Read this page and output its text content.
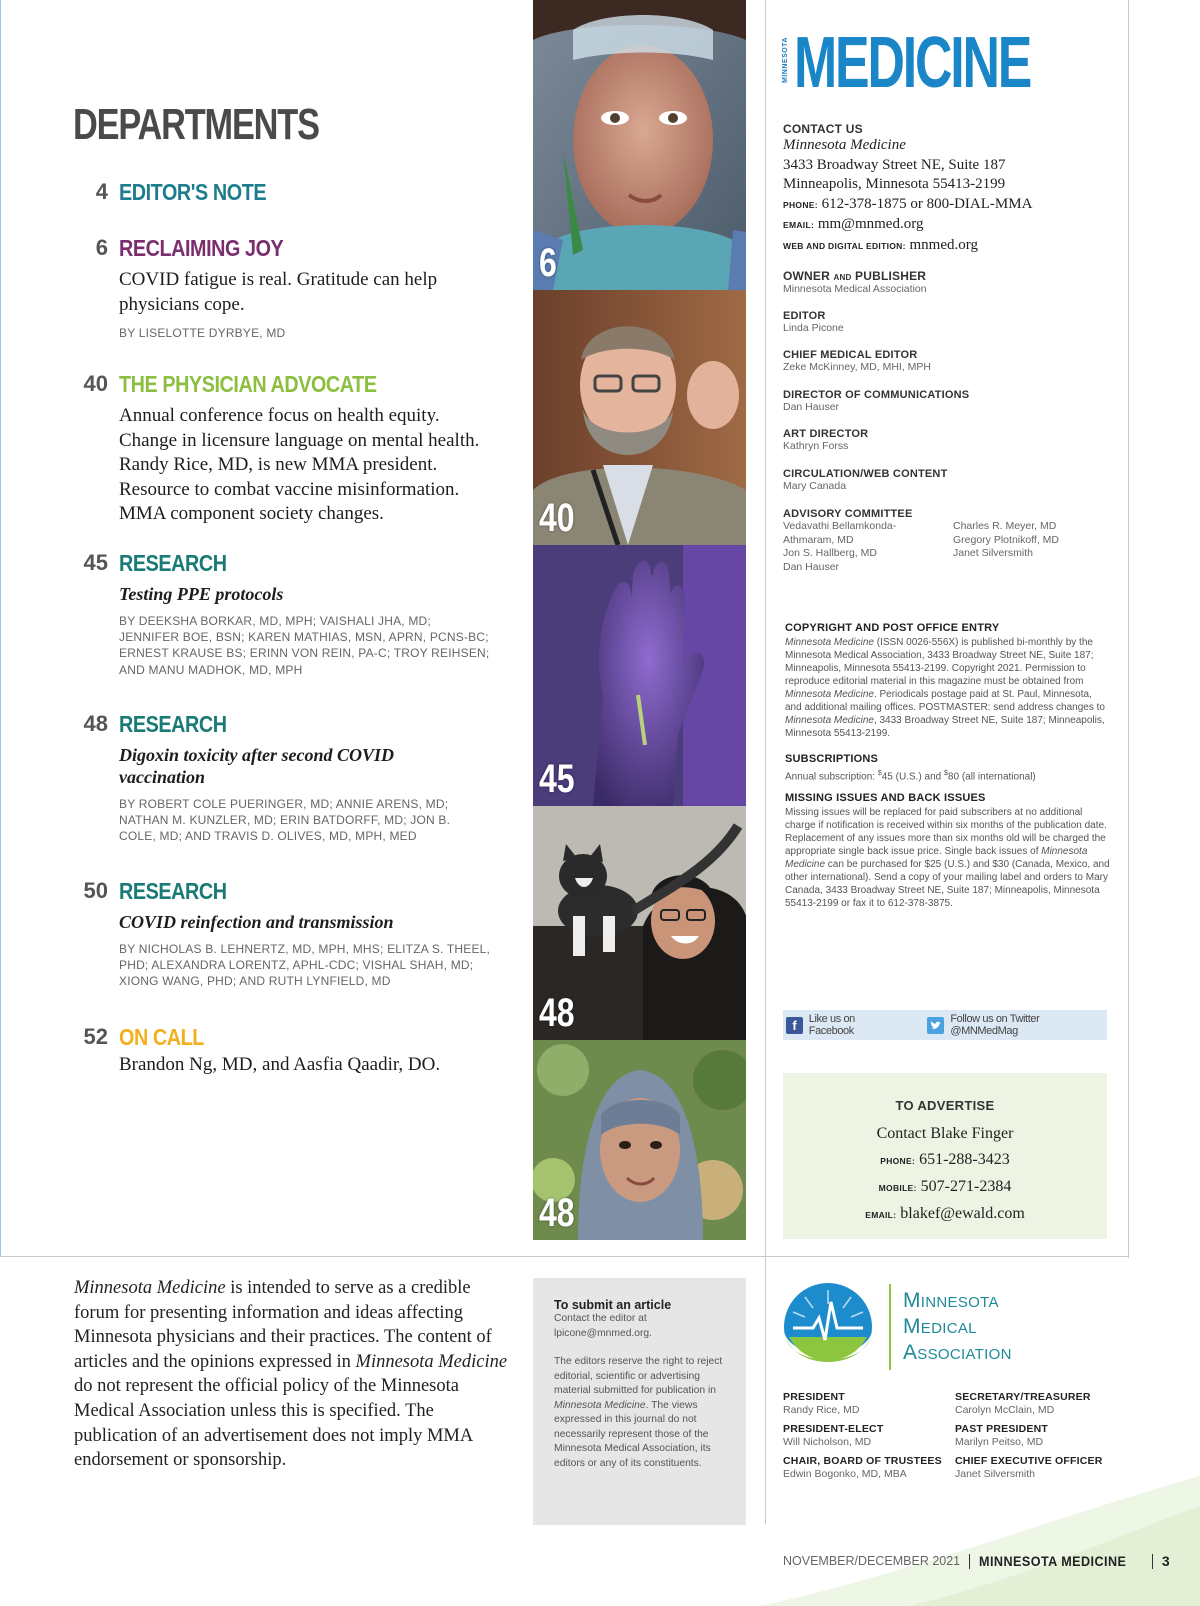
DEPARTMENTS
4 EDITOR'S NOTE
6 RECLAIMING JOY
COVID fatigue is real. Gratitude can help physicians cope.
BY LISELOTTE DYRBYE, MD
40 THE PHYSICIAN ADVOCATE
Annual conference focus on health equity.
Change in licensure language on mental health.
Randy Rice, MD, is new MMA president.
Resource to combat vaccine misinformation.
MMA component society changes.
45 RESEARCH
Testing PPE protocols
BY DEEKSHA BORKAR, MD, MPH; VAISHALI JHA, MD; JENNIFER BOE, BSN; KAREN MATHIAS, MSN, APRN, PCNS-BC; ERNEST KRAUSE BS; ERINN VON REIN, PA-C; TROY REIHSEN; AND MANU MADHOK, MD, MPH
48 RESEARCH
Digoxin toxicity after second COVID vaccination
BY ROBERT COLE PUERINGER, MD; ANNIE ARENS, MD; NATHAN M. KUNZLER, MD; ERIN BATDORFF, MD; JON B. COLE, MD; AND TRAVIS D. OLIVES, MD, MPH, MED
50 RESEARCH
COVID reinfection and transmission
BY NICHOLAS B. LEHNERTZ, MD, MPH, MHS; ELITZA S. THEEL, PHD; ALEXANDRA LORENTZ, APHL-CDC; VISHAL SHAH, MD; XIONG WANG, PHD; AND RUTH LYNFIELD, MD
52 ON CALL
Brandon Ng, MD, and Aasfia Qaadir, DO.
6
40
45
48
48
MINNESOTA MEDICINE
CONTACT US
Minnesota Medicine
3433 Broadway Street NE, Suite 187
Minneapolis, Minnesota 55413-2199
PHONE: 612-378-1875 or 800-DIAL-MMA
EMAIL: mm@mnmed.org
WEB AND DIGITAL EDITION: mnmed.org
OWNER AND PUBLISHER
Minnesota Medical Association
EDITOR
Linda Picone
CHIEF MEDICAL EDITOR
Zeke McKinney, MD, MHI, MPH
DIRECTOR OF COMMUNICATIONS
Dan Hauser
ART DIRECTOR
Kathryn Forss
CIRCULATION/WEB CONTENT
Mary Canada
ADVISORY COMMITTEE
Vedavathi Bellamkonda-Athmaram, MD
Jon S. Hallberg, MD
Dan Hauser
Charles R. Meyer, MD
Gregory Plotnikoff, MD
Janet Silversmith
COPYRIGHT AND POST OFFICE ENTRY
Minnesota Medicine (ISSN 0026-556X) is published bi-monthly by the Minnesota Medical Association, 3433 Broadway Street NE, Suite 187; Minneapolis, Minnesota 55413-2199. Copyright 2021. Permission to reproduce editorial material in this magazine must be obtained from Minnesota Medicine. Periodicals postage paid at St. Paul, Minnesota, and additional mailing offices. POSTMASTER: send address changes to Minnesota Medicine, 3433 Broadway Street NE, Suite 187; Minneapolis, Minnesota 55413-2199.
SUBSCRIPTIONS
Annual subscription: $45 (U.S.) and $80 (all international)
MISSING ISSUES AND BACK ISSUES
Missing issues will be replaced for paid subscribers at no additional charge if notification is received within six months of the publication date. Replacement of any issues more than six months old will be charged the appropriate single back issue price. Single back issues of Minnesota Medicine can be purchased for $25 (U.S.) and $30 (Canada, Mexico, and other international). Send a copy of your mailing label and orders to Mary Canada, 3433 Broadway Street NE, Suite 187; Minneapolis, Minnesota 55413-2199 or fax it to 612-378-3875.
f	Like us on Facebook
Follow us on Twitter @MNMedMag
TO ADVERTISE
Contact Blake Finger
PHONE: 651-288-3423
MOBILE: 507-271-2384
EMAIL: blakef@ewald.com
Minnesota Medicine is intended to serve as a credible forum for presenting information and ideas affecting Minnesota physicians and their practices. The content of articles and the opinions expressed in Minnesota Medicine do not represent the official policy of the Minnesota Medical Association unless this is specified. The publication of an advertisement does not imply MMA endorsement or sponsorship.
To submit an article
Contact the editor at
lpicone@mnmed.org.
The editors reserve the right to reject editorial, scientific or advertising material submitted for publication in Minnesota Medicine. The views expressed in this journal do not necessarily represent those of the Minnesota Medical Association, its editors or any of its constituents.
Minnesota
Medical
Association
PRESIDENT
Randy Rice, MD
SECRETARY/TREASURER
Carolyn McClain, MD
PRESIDENT-ELECT
Will Nicholson, MD
PAST PRESIDENT
Marilyn Peitso, MD
CHAIR, BOARD OF TRUSTEES
Edwin Bogonko, MD, MBA
CHIEF EXECUTIVE OFFICER
Janet Silversmith
NOVEMBER/DECEMBER 2021 MINNESOTA MEDICINE	3
